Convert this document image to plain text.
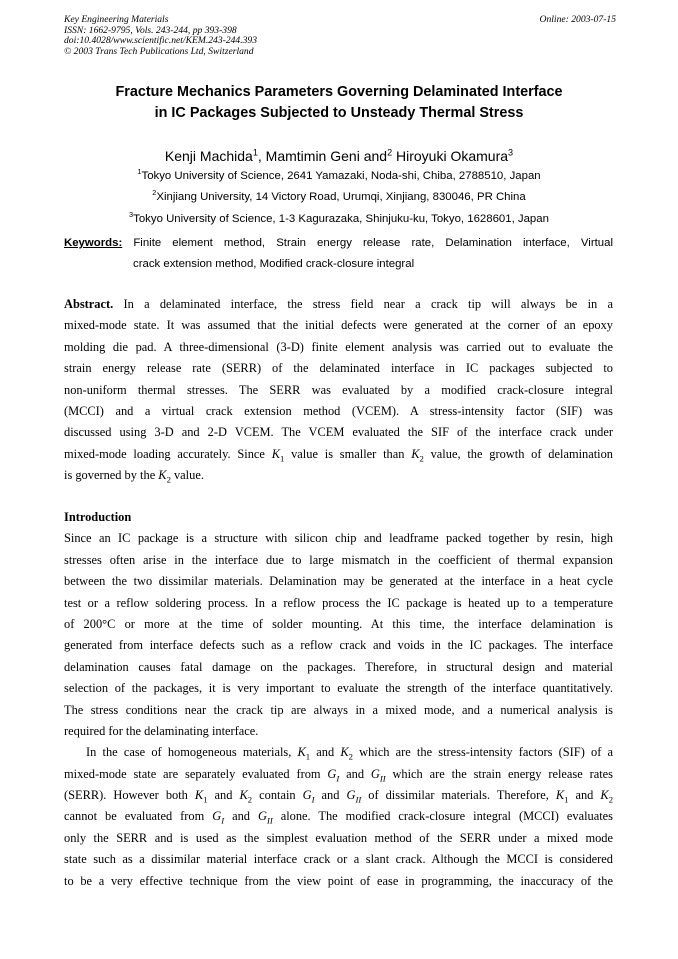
Key Engineering Materials
ISSN: 1662-9795, Vols. 243-244, pp 393-398
doi:10.4028/www.scientific.net/KEM.243-244.393
© 2003 Trans Tech Publications Ltd, Switzerland
Online: 2003-07-15
Fracture Mechanics Parameters Governing Delaminated Interface
in IC Packages Subjected to Unsteady Thermal Stress
Kenji Machida$^1$, Mamtimin Geni and$^2$ Hiroyuki Okamura$^3$
$^1$Tokyo University of Science, 2641 Yamazaki, Noda-shi, Chiba, 2788510, Japan
$^2$Xinjiang University, 14 Victory Road, Urumqi, Xinjiang, 830046, PR China
$^3$Tokyo University of Science, 1-3 Kagurazaka, Shinjuku-ku, Tokyo, 1628601, Japan
Keywords: Finite element method, Strain energy release rate, Delamination interface, Virtual
crack extension method, Modified crack-closure integral
Abstract. In a delaminated interface, the stress field near a crack tip will always be in a
mixed-mode state. It was assumed that the initial defects were generated at the corner of an epoxy
molding die pad. A three-dimensional (3-D) finite element analysis was carried out to evaluate the
strain energy release rate (SERR) of the delaminated interface in IC packages subjected to
non-uniform thermal stresses. The SERR was evaluated by a modified crack-closure integral
(MCCI) and a virtual crack extension method (VCEM). A stress-intensity factor (SIF) was
discussed using 3-D and 2-D VCEM. The VCEM evaluated the SIF of the interface crack under
mixed-mode loading accurately. Since $K_1$ value is smaller than $K_2$ value, the growth of delamination
is governed by the $K_2$ value.
Introduction
Since an IC package is a structure with silicon chip and leadframe packed together by resin, high
stresses often arise in the interface due to large mismatch in the coefficient of thermal expansion
between the two dissimilar materials. Delamination may be generated at the interface in a heat cycle
test or a reflow soldering process. In a reflow process the IC package is heated up to a temperature
of 200°C or more at the time of solder mounting. At this time, the interface delamination is
generated from interface defects such as a reflow crack and voids in the IC packages. The interface
delamination causes fatal damage on the packages. Therefore, in structural design and material
selection of the packages, it is very important to evaluate the strength of the interface quantitatively.
The stress conditions near the crack tip are always in a mixed mode, and a numerical analysis is
required for the delaminating interface.
In the case of homogeneous materials, $K_1$ and $K_2$ which are the stress-intensity factors (SIF) of a
mixed-mode state are separately evaluated from $G_I$ and $G_{II}$ which are the strain energy release rates
(SERR). However both $K_1$ and $K_2$ contain $G_I$ and $G_{II}$ of dissimilar materials. Therefore, $K_1$ and $K_2$
cannot be evaluated from $G_I$ and $G_{II}$ alone. The modified crack-closure integral (MCCI) evaluates
only the SERR and is used as the simplest evaluation method of the SERR under a mixed mode
state such as a dissimilar material interface crack or a slant crack. Although the MCCI is considered
to be a very effective technique from the view point of ease in programming, the inaccuracy of the
